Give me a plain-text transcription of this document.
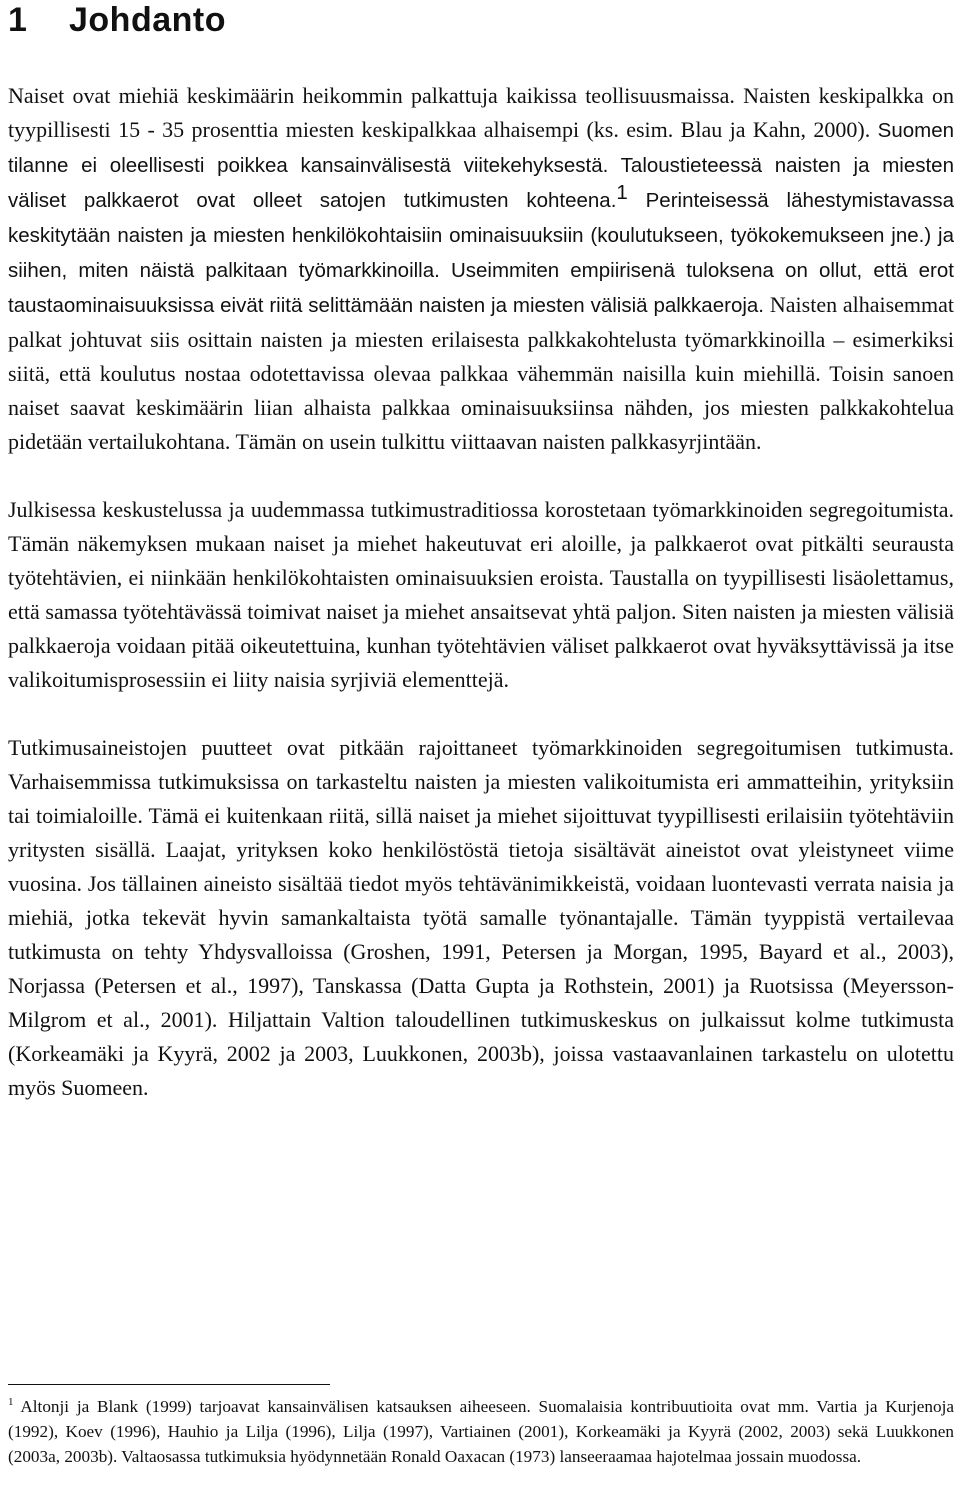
1 Johdanto

Naiset ovat miehiä keskimäärin heikommin palkattuja kaikissa teollisuusmaissa. Naisten keskipalkka on tyypillisesti 15 - 35 prosenttia miesten keskipalkkaa alhaisempi (ks. esim. Blau ja Kahn, 2000). Suomen tilanne ei oleellisesti poikkea kansainvälisestä viitekehyksestä. Taloustieteessä naisten ja miesten väliset palkkaerot ovat olleet satojen tutkimusten kohteena.$^1$ Perinteisessä lähestymistavassa keskitytään naisten ja miesten henkilökohtaisiin ominaisuuksiin (koulutukseen, työkokemukseen jne.) ja siihen, miten näistä palkitaan työmarkkinoilla. Useimmiten empiirisenä tuloksena on ollut, että erot taustaominaisuuksissa eivät riitä selittämään naisten ja miesten välisiä palkkaeroja. Naisten alhaisemmat palkat johtuvat siis osittain naisten ja miesten erilaisesta palkkakohtelusta työmarkkinoilla – esimerkiksi siitä, että koulutus nostaa odotettavissa olevaa palkkaa vähemmän naisilla kuin miehillä. Toisin sanoen naiset saavat keskimäärin liian alhaista palkkaa ominaisuuksiinsa nähden, jos miesten palkkakohtelua pidetään vertailukohtana. Tämän on usein tulkittu viittaavan naisten palkkasyrjintään.

Julkisessa keskustelussa ja uudemmassa tutkimustraditiossa korostetaan työmarkkinoiden segregoitumista. Tämän näkemyksen mukaan naiset ja miehet hakeutuvat eri aloille, ja palkkaerot ovat pitkälti seurausta työtehtävien, ei niinkään henkilökohtaisten ominaisuuksien eroista. Taustalla on tyypillisesti lisäolettamus, että samassa työtehtävässä toimivat naiset ja miehet ansaitsevat yhtä paljon. Siten naisten ja miesten välisiä palkkaeroja voidaan pitää oikeutettuina, kunhan työtehtävien väliset palkkaerot ovat hyväksyttävissä ja itse valikoitumisprosessiin ei liity naisia syrjiviä elementtejä.

Tutkimusaineistojen puutteet ovat pitkään rajoittaneet työmarkkinoiden segregoitumisen tutkimusta. Varhaisemmissa tutkimuksissa on tarkasteltu naisten ja miesten valikoitumista eri ammatteihin, yrityksiin tai toimialoille. Tämä ei kuitenkaan riitä, sillä naiset ja miehet sijoittuvat tyypillisesti erilaisiin työtehtäviin yritysten sisällä. Laajat, yrityksen koko henkilöstöstä tietoja sisältävät aineistot ovat yleistyneet viime vuosina. Jos tällainen aineisto sisältää tiedot myös tehtävänimikkeistä, voidaan luontevasti verrata naisia ja miehiä, jotka tekevät hyvin samankaltaista työtä samalle työnantajalle. Tämän tyyppistä vertailevaa tutkimusta on tehty Yhdysvalloissa (Groshen, 1991, Petersen ja Morgan, 1995, Bayard et al., 2003), Norjassa (Petersen et al., 1997), Tanskassa (Datta Gupta ja Rothstein, 2001) ja Ruotsissa (Meyersson-Milgrom et al., 2001). Hiljattain Valtion taloudellinen tutkimuskeskus on julkaissut kolme tutkimusta (Korkeamäki ja Kyyrä, 2002 ja 2003, Luukkonen, 2003b), joissa vastaavanlainen tarkastelu on ulotettu myös Suomeen.

$^1$ Altonji ja Blank (1999) tarjoavat kansainvälisen katsauksen aiheeseen. Suomalaisia kontribuutioita ovat mm. Vartia ja Kurjenoja (1992), Koev (1996), Hauhio ja Lilja (1996), Lilja (1997), Vartiainen (2001), Korkeamäki ja Kyyrä (2002, 2003) sekä Luukkonen (2003a, 2003b). Valtaosassa tutkimuksia hyödynnetään Ronald Oaxacan (1973) lanseeraamaa hajotelmaa jossain muodossa.
